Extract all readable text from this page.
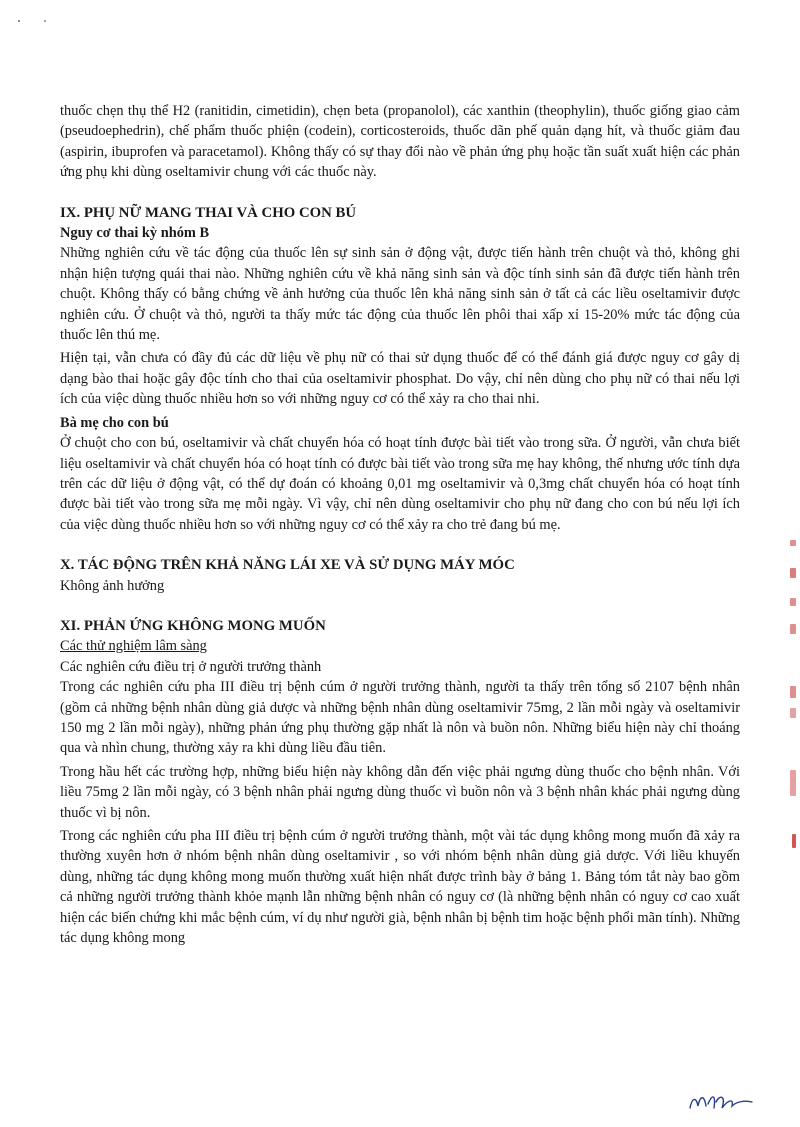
thuốc chẹn thụ thể H2 (ranitidin, cimetidin), chẹn beta (propanolol), các xanthin (theophylin), thuốc giống giao cảm (pseudoephedrin), chế phẩm thuốc phiện (codein), corticosteroids, thuốc dãn phế quản dạng hít, và thuốc giảm đau (aspirin, ibuprofen và paracetamol). Không thấy có sự thay đổi nào về phản ứng phụ hoặc tần suất xuất hiện các phản ứng phụ khi dùng oseltamivir chung với các thuốc này.

IX. PHỤ NỮ MANG THAI VÀ CHO CON BÚ

Nguy cơ thai kỳ nhóm B

Những nghiên cứu về tác động của thuốc lên sự sinh sản ở động vật, được tiến hành trên chuột và thỏ, không ghi nhận hiện tượng quái thai nào. Những nghiên cứu về khả năng sinh sản và độc tính sinh sản đã được tiến hành trên chuột. Không thấy có bằng chứng về ảnh hưởng của thuốc lên khả năng sinh sản ở tất cả các liều oseltamivir được nghiên cứu. Ở chuột và thỏ, người ta thấy mức tác động của thuốc lên phôi thai xấp xỉ 15-20% mức tác động của thuốc lên thú mẹ.

Hiện tại, vẫn chưa có đầy đủ các dữ liệu về phụ nữ có thai sử dụng thuốc để có thể đánh giá được nguy cơ gây dị dạng bào thai hoặc gây độc tính cho thai của oseltamivir phosphat. Do vậy, chỉ nên dùng cho phụ nữ có thai nếu lợi ích của việc dùng thuốc nhiều hơn so với những nguy cơ có thể xảy ra cho thai nhi.

Bà mẹ cho con bú

Ở chuột cho con bú, oseltamivir và chất chuyển hóa có hoạt tính được bài tiết vào trong sữa. Ở người, vẫn chưa biết liệu oseltamivir và chất chuyển hóa có hoạt tính có được bài tiết vào trong sữa mẹ hay không, thế nhưng ước tính dựa trên các dữ liệu ở động vật, có thể dự đoán có khoảng 0,01 mg oseltamivir và 0,3mg chất chuyển hóa có hoạt tính được bài tiết vào trong sữa mẹ mỗi ngày. Vì vậy, chỉ nên dùng oseltamivir cho phụ nữ đang cho con bú nếu lợi ích của việc dùng thuốc nhiều hơn so với những nguy cơ có thể xảy ra cho trẻ đang bú mẹ.

X. TÁC ĐỘNG TRÊN KHẢ NĂNG LÁI XE VÀ SỬ DỤNG MÁY MÓC

Không ảnh hưởng

XI. PHẢN ỨNG KHÔNG MONG MUỐN

Các thử nghiệm lâm sàng

Các nghiên cứu điều trị ở người trưởng thành

Trong các nghiên cứu pha III điều trị bệnh cúm ở người trưởng thành, người ta thấy trên tổng số 2107 bệnh nhân (gồm cả những bệnh nhân dùng giả dược và những bệnh nhân dùng oseltamivir 75mg, 2 lần mỗi ngày và oseltamivir 150 mg 2 lần mỗi ngày), những phản ứng phụ thường gặp nhất là nôn và buồn nôn. Những biểu hiện này chỉ thoáng qua và nhìn chung, thường xảy ra khi dùng liều đầu tiên.

Trong hầu hết các trường hợp, những biểu hiện này không dẫn đến việc phải ngưng dùng thuốc cho bệnh nhân. Với liều 75mg 2 lần mỗi ngày, có 3 bệnh nhân phải ngưng dùng thuốc vì buồn nôn và 3 bệnh nhân khác phải ngưng dùng thuốc vì bị nôn.

Trong các nghiên cứu pha III điều trị bệnh cúm ở người trưởng thành, một vài tác dụng không mong muốn đã xảy ra thường xuyên hơn ở nhóm bệnh nhân dùng oseltamivir , so với nhóm bệnh nhân dùng giả dược. Với liều khuyến dùng, những tác dụng không mong muốn thường xuất hiện nhất được trình bày ở bảng 1. Bảng tóm tắt này bao gồm cả những người trưởng thành khỏe mạnh lẫn những bệnh nhân có nguy cơ (là những bệnh nhân có nguy cơ cao xuất hiện các biến chứng khi mắc bệnh cúm, ví dụ như người già, bệnh nhân bị bệnh tim hoặc bệnh phổi mãn tính). Những tác dụng không mong
